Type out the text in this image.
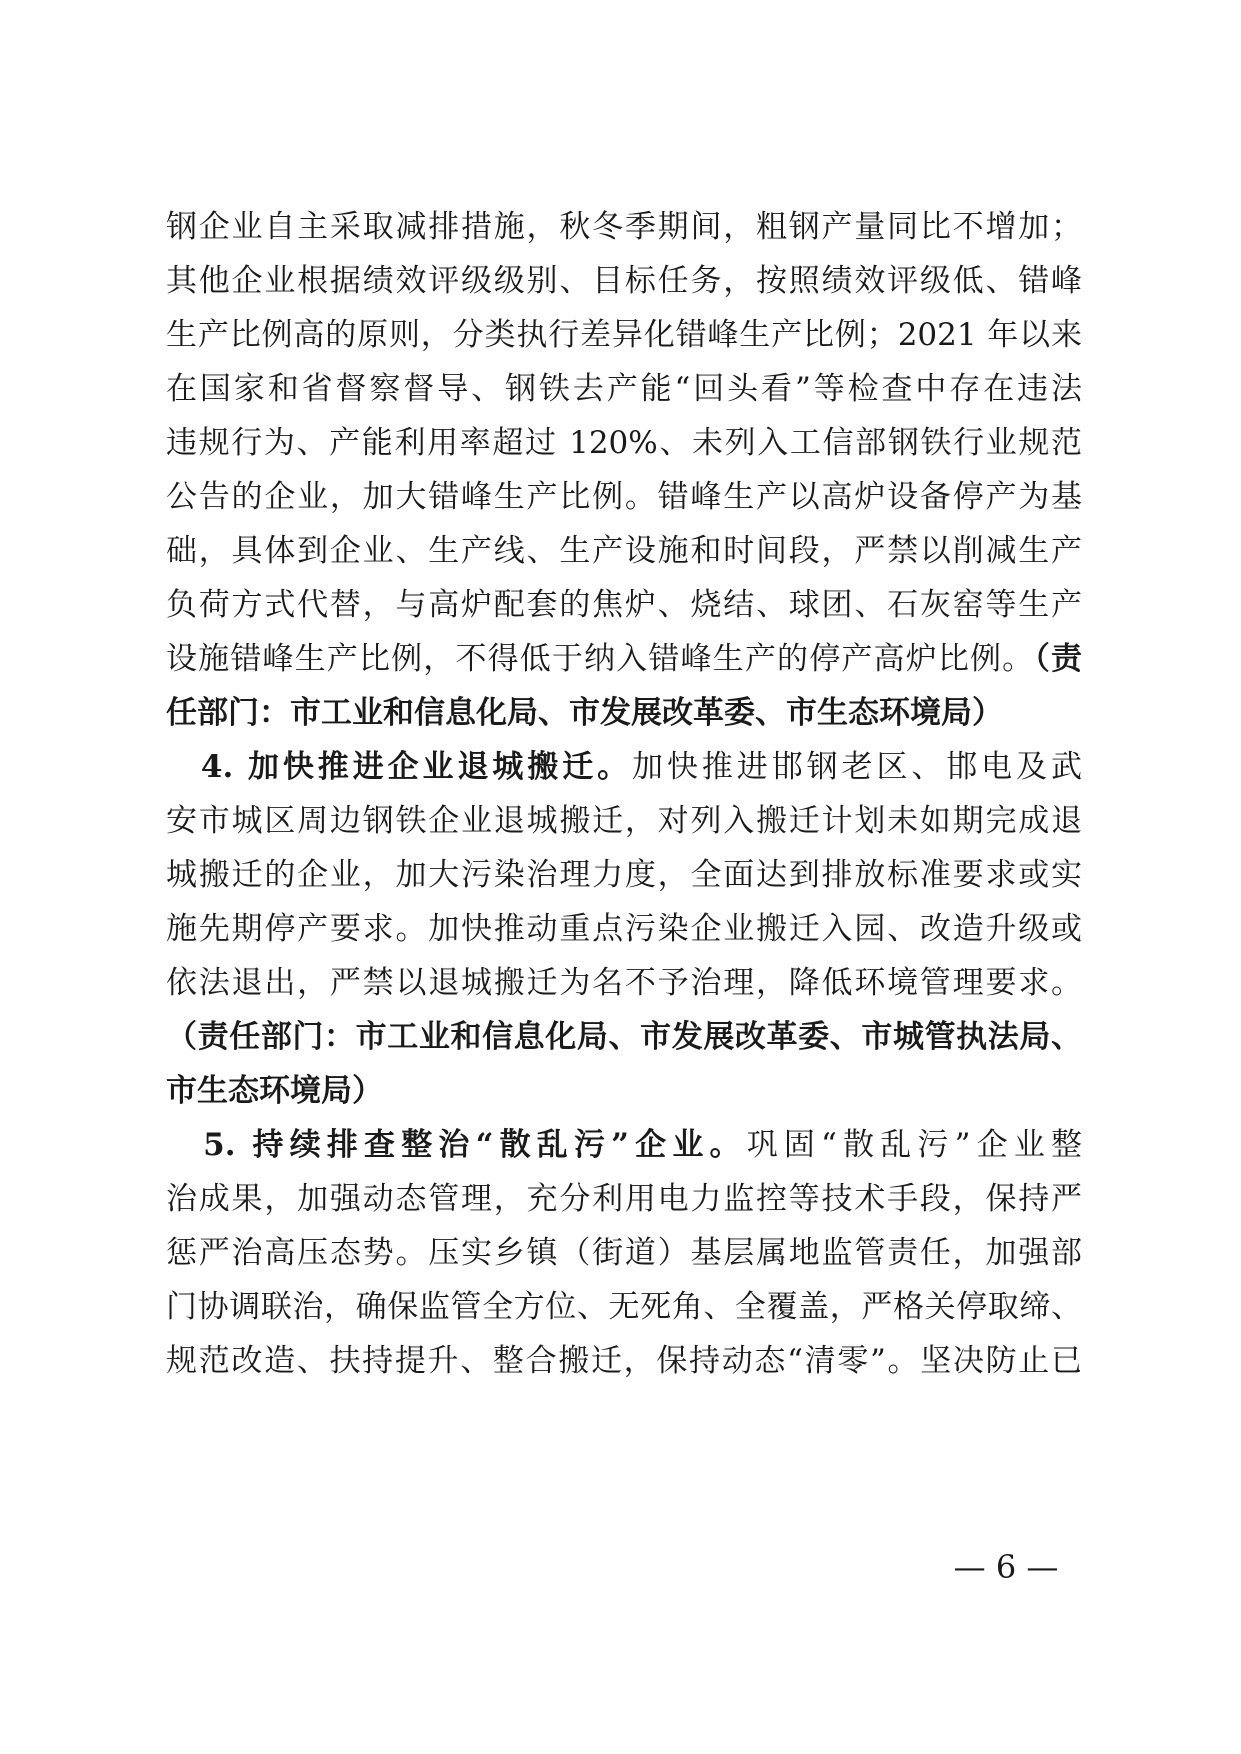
钢企业自主采取减排措施，秋冬季期间，粗钢产量同比不增加；
其他企业根据绩效评级级别、目标任务，按照绩效评级低、错峰
生产比例高的原则，分类执行差异化错峰生产比例；2021 年以来
在国家和省督察督导、钢铁去产能“回头看”等检查中存在违法
违规行为、产能利用率超过 120%、未列入工信部钢铁行业规范
公告的企业，加大错峰生产比例。错峰生产以高炉设备停产为基
础，具体到企业、生产线、生产设施和时间段，严禁以削减生产
负荷方式代替，与高炉配套的焦炉、烧结、球团、石灰窑等生产
设施错峰生产比例，不得低于纳入错峰生产的停产高炉比例。（责
任部门：市工业和信息化局、市发展改革委、市生态环境局）
　4. 加快推进企业退城搬迁。加快推进邯钢老区、邯电及武
安市城区周边钢铁企业退城搬迁，对列入搬迁计划未如期完成退
城搬迁的企业，加大污染治理力度，全面达到排放标准要求或实
施先期停产要求。加快推动重点污染企业搬迁入园、改造升级或
依法退出，严禁以退城搬迁为名不予治理，降低环境管理要求。
（责任部门：市工业和信息化局、市发展改革委、市城管执法局、
市生态环境局）
　5. 持续排查整治“散乱污”企业。巩固“散乱污”企业整
治成果，加强动态管理，充分利用电力监控等技术手段，保持严
惩严治高压态势。压实乡镇（街道）基层属地监管责任，加强部
门协调联治，确保监管全方位、无死角、全覆盖，严格关停取缔、
规范改造、扶持提升、整合搬迁，保持动态“清零”。坚决防止已
— 6 —
